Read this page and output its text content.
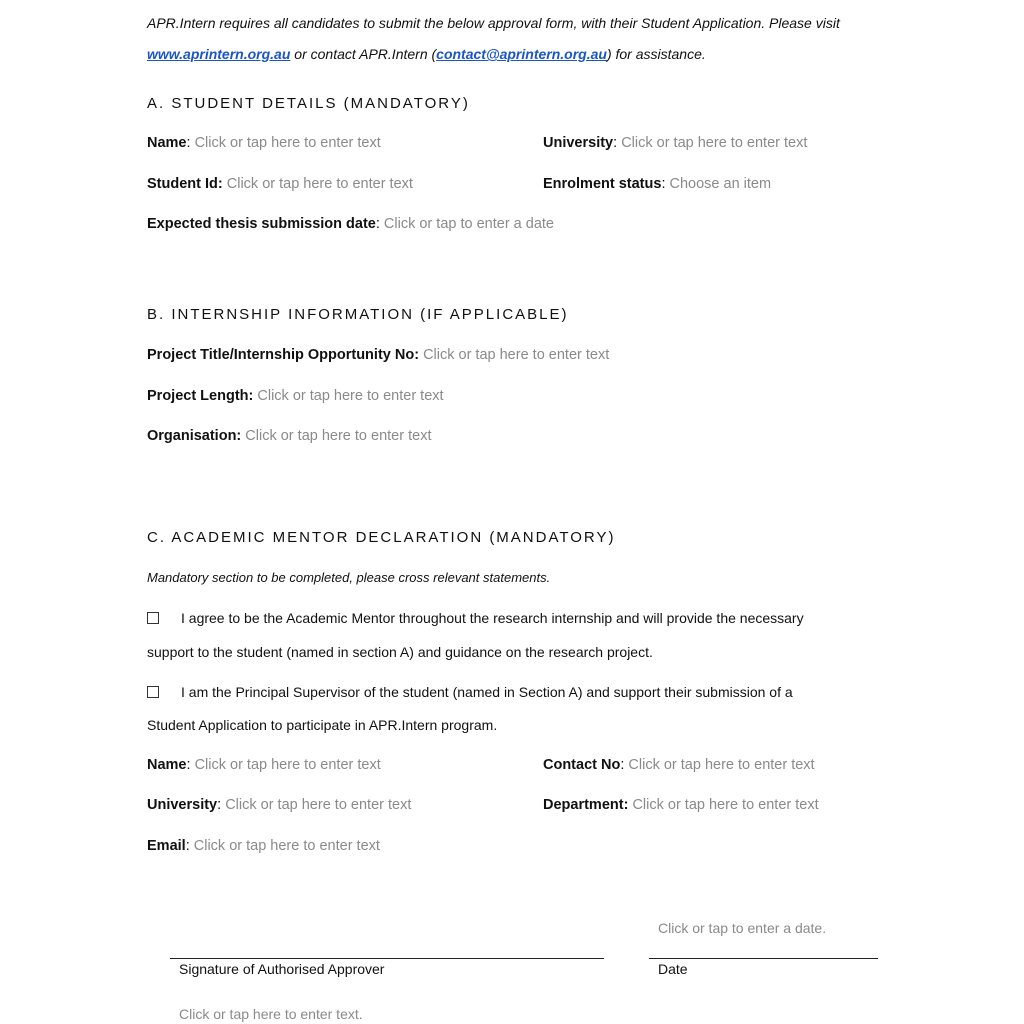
APR.Intern requires all candidates to submit the below approval form, with their Student Application. Please visit
www.aprintern.org.au or contact APR.Intern (contact@aprintern.org.au) for assistance.
A. STUDENT DETAILS (MANDATORY)
Name: Click or tap here to enter text	University: Click or tap here to enter text
Student Id: Click or tap here to enter text	Enrolment status: Choose an item
Expected thesis submission date: Click or tap to enter a date
B. INTERNSHIP INFORMATION (IF APPLICABLE)
Project Title/Internship Opportunity No: Click or tap here to enter text
Project Length: Click or tap here to enter text
Organisation: Click or tap here to enter text
C. ACADEMIC MENTOR DECLARATION (MANDATORY)
Mandatory section to be completed, please cross relevant statements.
I agree to be the Academic Mentor throughout the research internship and will provide the necessary
support to the student (named in section A) and guidance on the research project.
I am the Principal Supervisor of the student (named in Section A) and support their submission of a
Student Application to participate in APR.Intern program.
Name: Click or tap here to enter text	Contact No: Click or tap here to enter text
University: Click or tap here to enter text	Department: Click or tap here to enter text
Email: Click or tap here to enter text
Click or tap to enter a date.
Signature of Authorised Approver	Date
Click or tap here to enter text.
